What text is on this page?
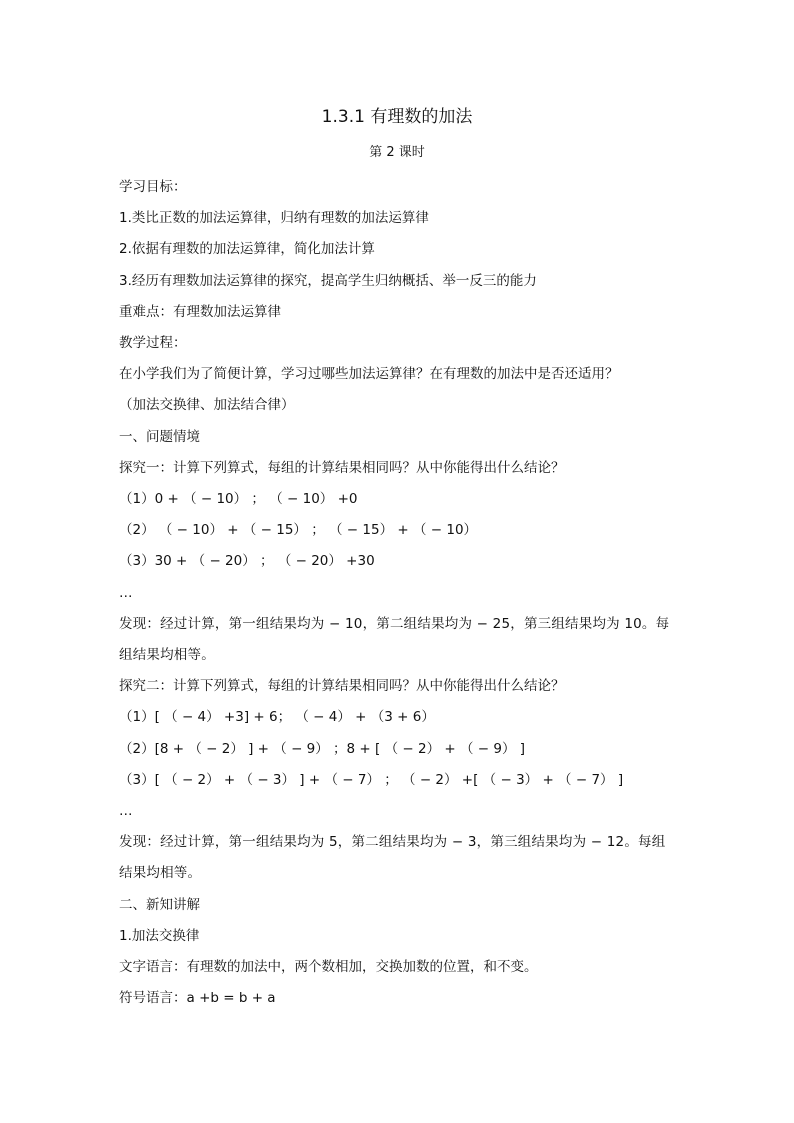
1.3.1 有理数的加法
第 2 课时
学习目标：
1.类比正数的加法运算律，归纳有理数的加法运算律
2.依据有理数的加法运算律，简化加法计算
3.经历有理数加法运算律的探究，提高学生归纳概括、举一反三的能力
重难点：有理数加法运算律
教学过程：
在小学我们为了简便计算，学习过哪些加法运算律？在有理数的加法中是否还适用？
（加法交换律、加法结合律）
一、问题情境
探究一：计算下列算式，每组的计算结果相同吗？从中你能得出什么结论？
（1）0 + （ − 10） ； （ − 10） +0
（2） （ − 10） + （ − 15） ； （ − 15） + （ − 10）
（3）30 + （ − 20） ； （ − 20） +30
…
发现：经过计算，第一组结果均为 − 10，第二组结果均为 − 25，第三组结果均为 10。每组结果均相等。
探究二：计算下列算式，每组的计算结果相同吗？从中你能得出什么结论？
（1）[ （ − 4） +3] + 6； （ − 4） + （3 + 6）
（2）[8 + （ − 2） ] + （ − 9） ；8 + [ （ − 2） + （ − 9） ]
（3）[ （ − 2） + （ − 3） ] + （ − 7） ； （ − 2） +[ （ − 3） + （ − 7） ]
…
发现：经过计算，第一组结果均为 5，第二组结果均为 − 3，第三组结果均为 − 12。每组结果均相等。
二、新知讲解
1.加法交换律
文字语言：有理数的加法中，两个数相加，交换加数的位置，和不变。
符号语言：a +b = b + a
